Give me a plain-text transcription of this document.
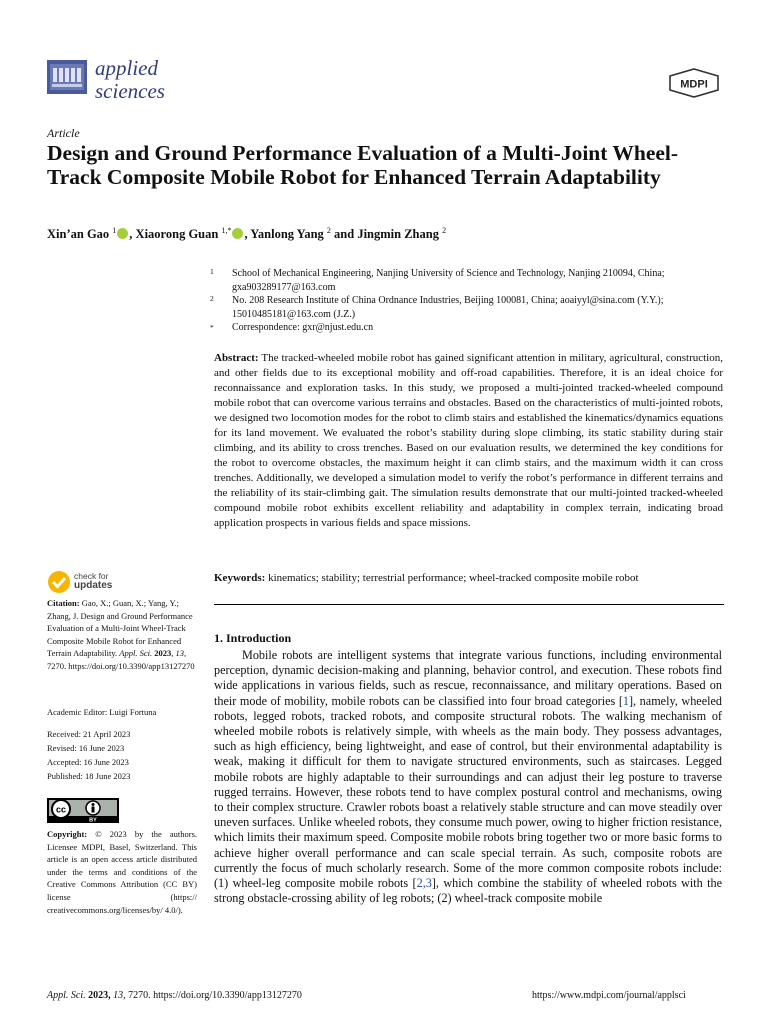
applied
sciences	MDPI
Article
Design and Ground Performance Evaluation of a Multi-Joint Wheel-Track Composite Mobile Robot for Enhanced Terrain Adaptability
Xin’an Gao $^1$ , Xiaorong Guan $^{1,*}$ , Yanlong Yang $^2$ and Jingmin Zhang $^2$
1	School of Mechanical Engineering, Nanjing University of Science and Technology, Nanjing 210094, China; gxa903289177@163.com
2	No. 208 Research Institute of China Ordnance Industries, Beijing 100081, China; aoaiyyl@sina.com (Y.Y.); 15010485181@163.com (J.Z.)
*	Correspondence: gxr@njust.edu.cn
Abstract: The tracked-wheeled mobile robot has gained significant attention in military, agricultural, construction, and other fields due to its exceptional mobility and off-road capabilities. Therefore, it is an ideal choice for reconnaissance and exploration tasks. In this study, we proposed a multi-jointed tracked-wheeled compound mobile robot that can overcome various terrains and obstacles. Based on the characteristics of multi-jointed robots, we designed two locomotion modes for the robot to climb stairs and established the kinematics/dynamics equations for its land movement. We evaluated the robot’s stability during slope climbing, its static stability during stair climbing, and its ability to cross trenches. Based on our evaluation results, we determined the key conditions for the robot to overcome obstacles, the maximum height it can climb stairs, and the maximum width it can cross trenches. Additionally, we developed a simulation model to verify the robot’s performance in different terrains and the reliability of its stair-climbing gait. The simulation results demonstrate that our multi-jointed tracked-wheeled compound mobile robot exhibits excellent reliability and adaptability in complex terrain, indicating broad application prospects in various fields and space missions.
Keywords: kinematics; stability; terrestrial performance; wheel-tracked composite mobile robot
check for
updates
Citation: Gao, X.; Guan, X.; Yang, Y.; Zhang, J. Design and Ground Performance Evaluation of a Multi-Joint Wheel-Track Composite Mobile Robot for Enhanced Terrain Adaptability. Appl. Sci. 2023, 13, 7270. https://doi.org/10.3390/app13127270
Academic Editor: Luigi Fortuna
Received: 21 April 2023
Revised: 16 June 2023
Accepted: 16 June 2023
Published: 18 June 2023
cc
BY
Copyright: © 2023 by the authors. Licensee MDPI, Basel, Switzerland. This article is an open access article distributed under the terms and conditions of the Creative Commons Attribution (CC BY) license (https:// creativecommons.org/licenses/by/ 4.0/).
1. Introduction
Mobile robots are intelligent systems that integrate various functions, including environmental perception, dynamic decision-making and planning, behavior control, and execution. These robots find wide applications in various fields, such as rescue, reconnaissance, and military operations. Based on their mode of mobility, mobile robots can be classified into four broad categories [1], namely, wheeled robots, legged robots, tracked robots, and composite structural robots. The walking mechanism of wheeled mobile robots is relatively simple, with wheels as the main body. They possess advantages, such as high efficiency, being lightweight, and ease of control, but their environmental adaptability is weak, making it difficult for them to navigate structured environments, such as staircases. Legged mobile robots are highly adaptable to their surroundings and can adjust their leg posture to traverse rugged terrains. However, these robots tend to have complex postural control and mechanisms, owing to their complex structure. Crawler robots boast a relatively stable structure and can move steadily over uneven surfaces. Unlike wheeled robots, they consume much power, owing to higher friction resistance, which limits their maximum speed. Composite mobile robots bring together two or more basic forms to achieve higher overall performance and can scale special terrain. As such, composite robots are currently the focus of much scholarly research. Some of the more common composite robots include: (1) wheel-leg composite mobile robots [2,3], which combine the stability of wheeled robots with the strong obstacle-crossing ability of leg robots; (2) wheel-track composite mobile
Appl. Sci. 2023, 13, 7270. https://doi.org/10.3390/app13127270	https://www.mdpi.com/journal/applsci
